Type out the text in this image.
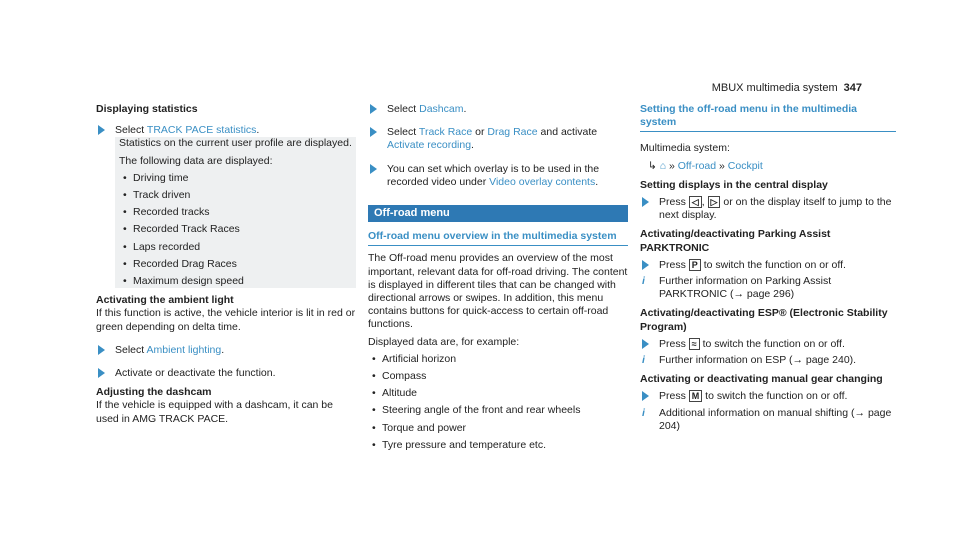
MBUX multimedia system 347
Displaying statistics
Select TRACK PACE statistics.
Statistics on the current user profile are displayed.
The following data are displayed:
• Driving time
• Track driven
• Recorded tracks
• Recorded Track Races
• Laps recorded
• Recorded Drag Races
• Maximum design speed
Activating the ambient light
If this function is active, the vehicle interior is lit in red or green depending on delta time.
Select Ambient lighting.
Activate or deactivate the function.
Adjusting the dashcam
If the vehicle is equipped with a dashcam, it can be used in AMG TRACK PACE.
Select Dashcam.
Select Track Race or Drag Race and activate Activate recording.
You can set which overlay is to be used in the recorded video under Video overlay contents.
Off-road menu
Off-road menu overview in the multimedia system
The Off-road menu provides an overview of the most important, relevant data for off-road driving. The content is displayed in different tiles that can be changed with directional arrows or swipes. In addition, this menu contains buttons for quick-access to certain off-road functions.
Displayed data are, for example:
• Artificial horizon
• Compass
• Altitude
• Steering angle of the front and rear wheels
• Torque and power
• Tyre pressure and temperature etc.
Setting the off-road menu in the multimedia system
Multimedia system:
↳ ⌂ » Off-road » Cockpit
Setting displays in the central display
Press ◁ , ▷ or on the display itself to jump to the next display.
Activating/deactivating Parking Assist
PARKTRONIC
Press P to switch the function on or off.
i Further information on Parking Assist PARKTRONIC (→ page 296)
Activating/deactivating ESP® (Electronic Stability
Program)
Press ≈ to switch the function on or off.
i Further information on ESP (→ page 240).
Activating or deactivating manual gear changing
Press M to switch the function on or off.
i Additional information on manual shifting (→ page 204)
